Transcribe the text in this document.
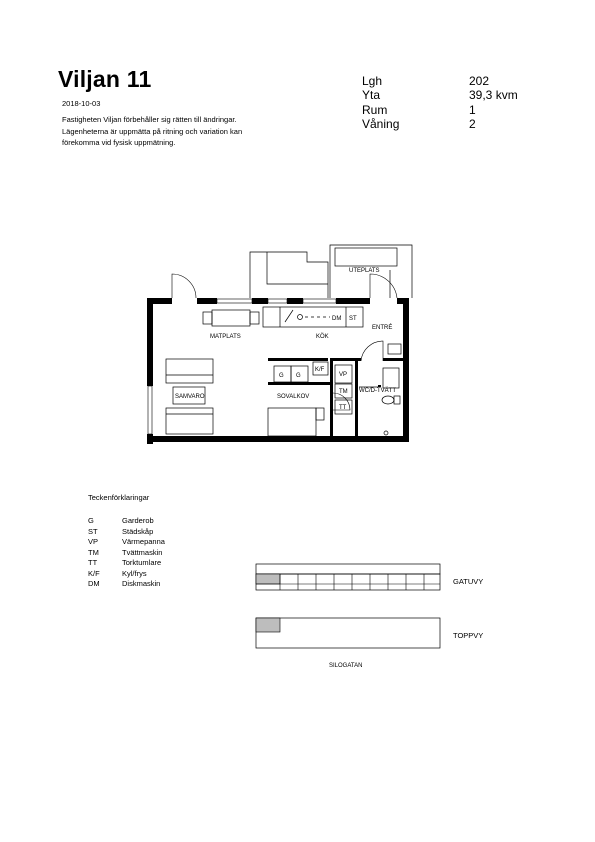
Viljan 11
2018-10-03
Fastigheten Viljan förbehåller sig rätten till ändringar. Lägenheterna är uppmätta på ritning och variation kan förekomma vid fysisk uppmätning.
Lgh	202
Yta	39,3 kvm
Rum	1
Våning	2
UTEPLATS
MATPLATS	KÖK
ENTRÉ
SAMVARO	SOVALKOV
WC/D-TVÄTT
G G
K/F
VP
TM
TT
DM ST
GATUVY
TOPPVY
SILOGATAN
Teckenförklaringar
G	Garderob
ST	Städskåp
VP	Värmepanna
TM	Tvättmaskin
TT	Torktumlare
K/F	Kyl/frys
DM	Diskmaskin
